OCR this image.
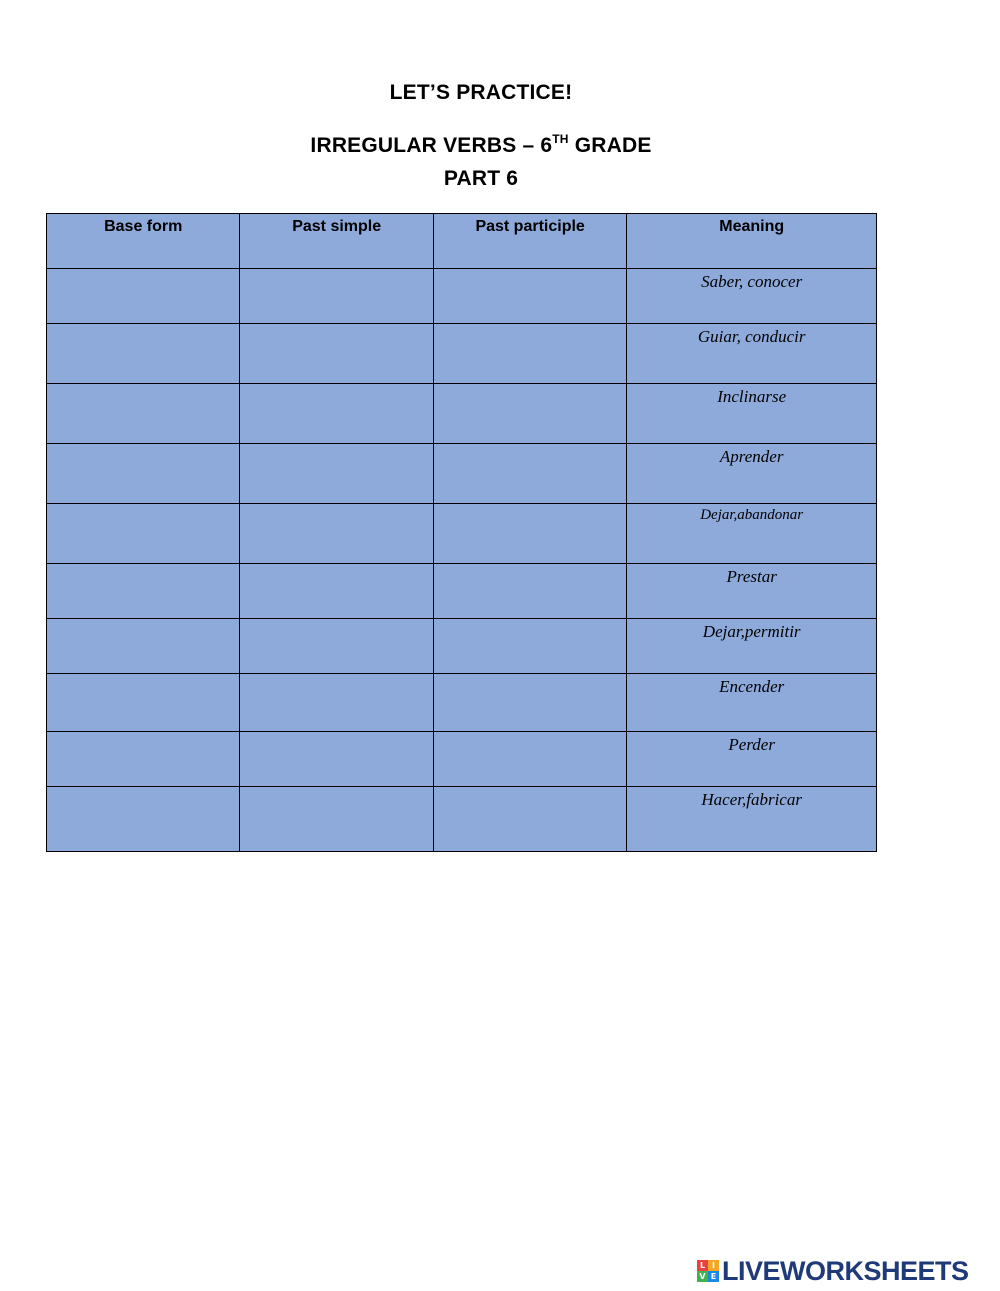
LET’S PRACTICE!
IRREGULAR VERBS – 6TH GRADE
PART 6
Base form	Past simple	Past participle	Meaning
			Saber, conocer
			Guiar, conducir
			Inclinarse
			Aprender
			Dejar,abandonar
			Prestar
			Dejar,permitir
			Encender
			Perder
			Hacer,fabricar
L I
V E LIVEWORKSHEETS
